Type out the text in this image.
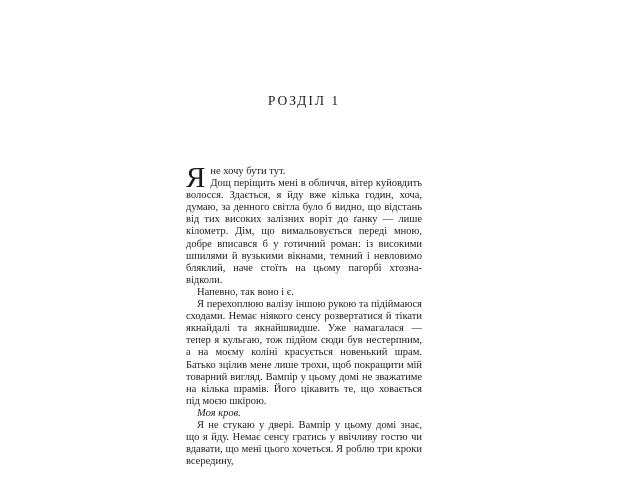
РОЗДІЛ 1
Я не хочу бути тут.

Дощ періщить мені в обличчя, вітер куйовдить волосся. Здається, я йду вже кілька годин, хоча, думаю, за денного світла було б видно, що відстань від тих високих залізних воріт до ґанку — лише кілометр. Дім, що вимальовується переді мною, добре вписався б у готичний роман: із високими шпилями й вузькими вікнами, темний і невловимо бляклий, наче стоїть на цьому пагорбі хтозна-відколи.

Напевно, так воно і є.

Я перехоплюю валізу іншою рукою та підіймаюся сходами. Немає ніякого сенсу розвертатися й тікати якнайдалі та якнайшвидше. Уже намагалася — тепер я кульгаю, тож підйом сюди був нестерпним, а на моєму коліні красується новенький шрам. Батько зцілив мене лише трохи, щоб покращити мій товарний вигляд. Вампір у цьому домі не зважатиме на кілька шрамів. Його цікавить те, що ховається під моєю шкірою.

Моя кров.

Я не стукаю у двері. Вампір у цьому домі знає, що я йду. Немає сенсу гратись у ввічливу гостю чи вдавати, що мені цього хочеться. Я роблю три кроки всередину,
